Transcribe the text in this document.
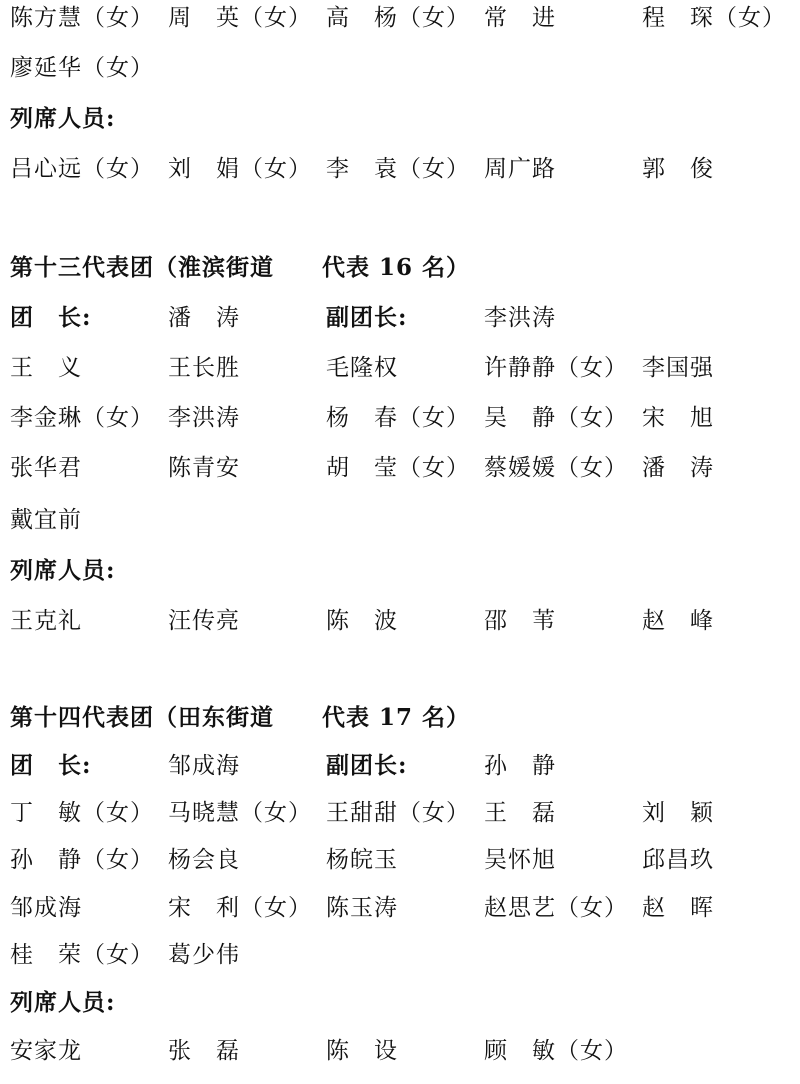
陈方慧（女） 周　英（女） 高　杨（女） 常　进	程　琛（女）
廖延华（女）
列席人员:
吕心远（女） 刘　娟（女） 李　袁（女） 周广路	郭　俊
第十三代表团（淮滨街道　　代表 16 名）
团　长:	潘　涛	副团长:	李洪涛
王　义	王长胜	毛隆权	许静静（女） 李国强
李金琳（女） 李洪涛	杨　春（女） 吴　静（女） 宋　旭
张华君	陈青安	胡　莹（女） 蔡媛媛（女） 潘　涛
戴宜前
列席人员:
王克礼	汪传亮	陈　波	邵　苇	赵　峰
第十四代表团（田东街道　　代表 17 名）
团　长:	邹成海	副团长:	孙　静
丁　敏（女） 马晓慧（女） 王甜甜（女） 王　磊	刘　颖
孙　静（女） 杨会良	杨皖玉	吴怀旭	邱昌玖
邹成海	宋　利（女） 陈玉涛	赵思艺（女） 赵　晖
桂　荣（女） 葛少伟
列席人员:
安家龙	张　磊	陈　设	顾　敏（女）
